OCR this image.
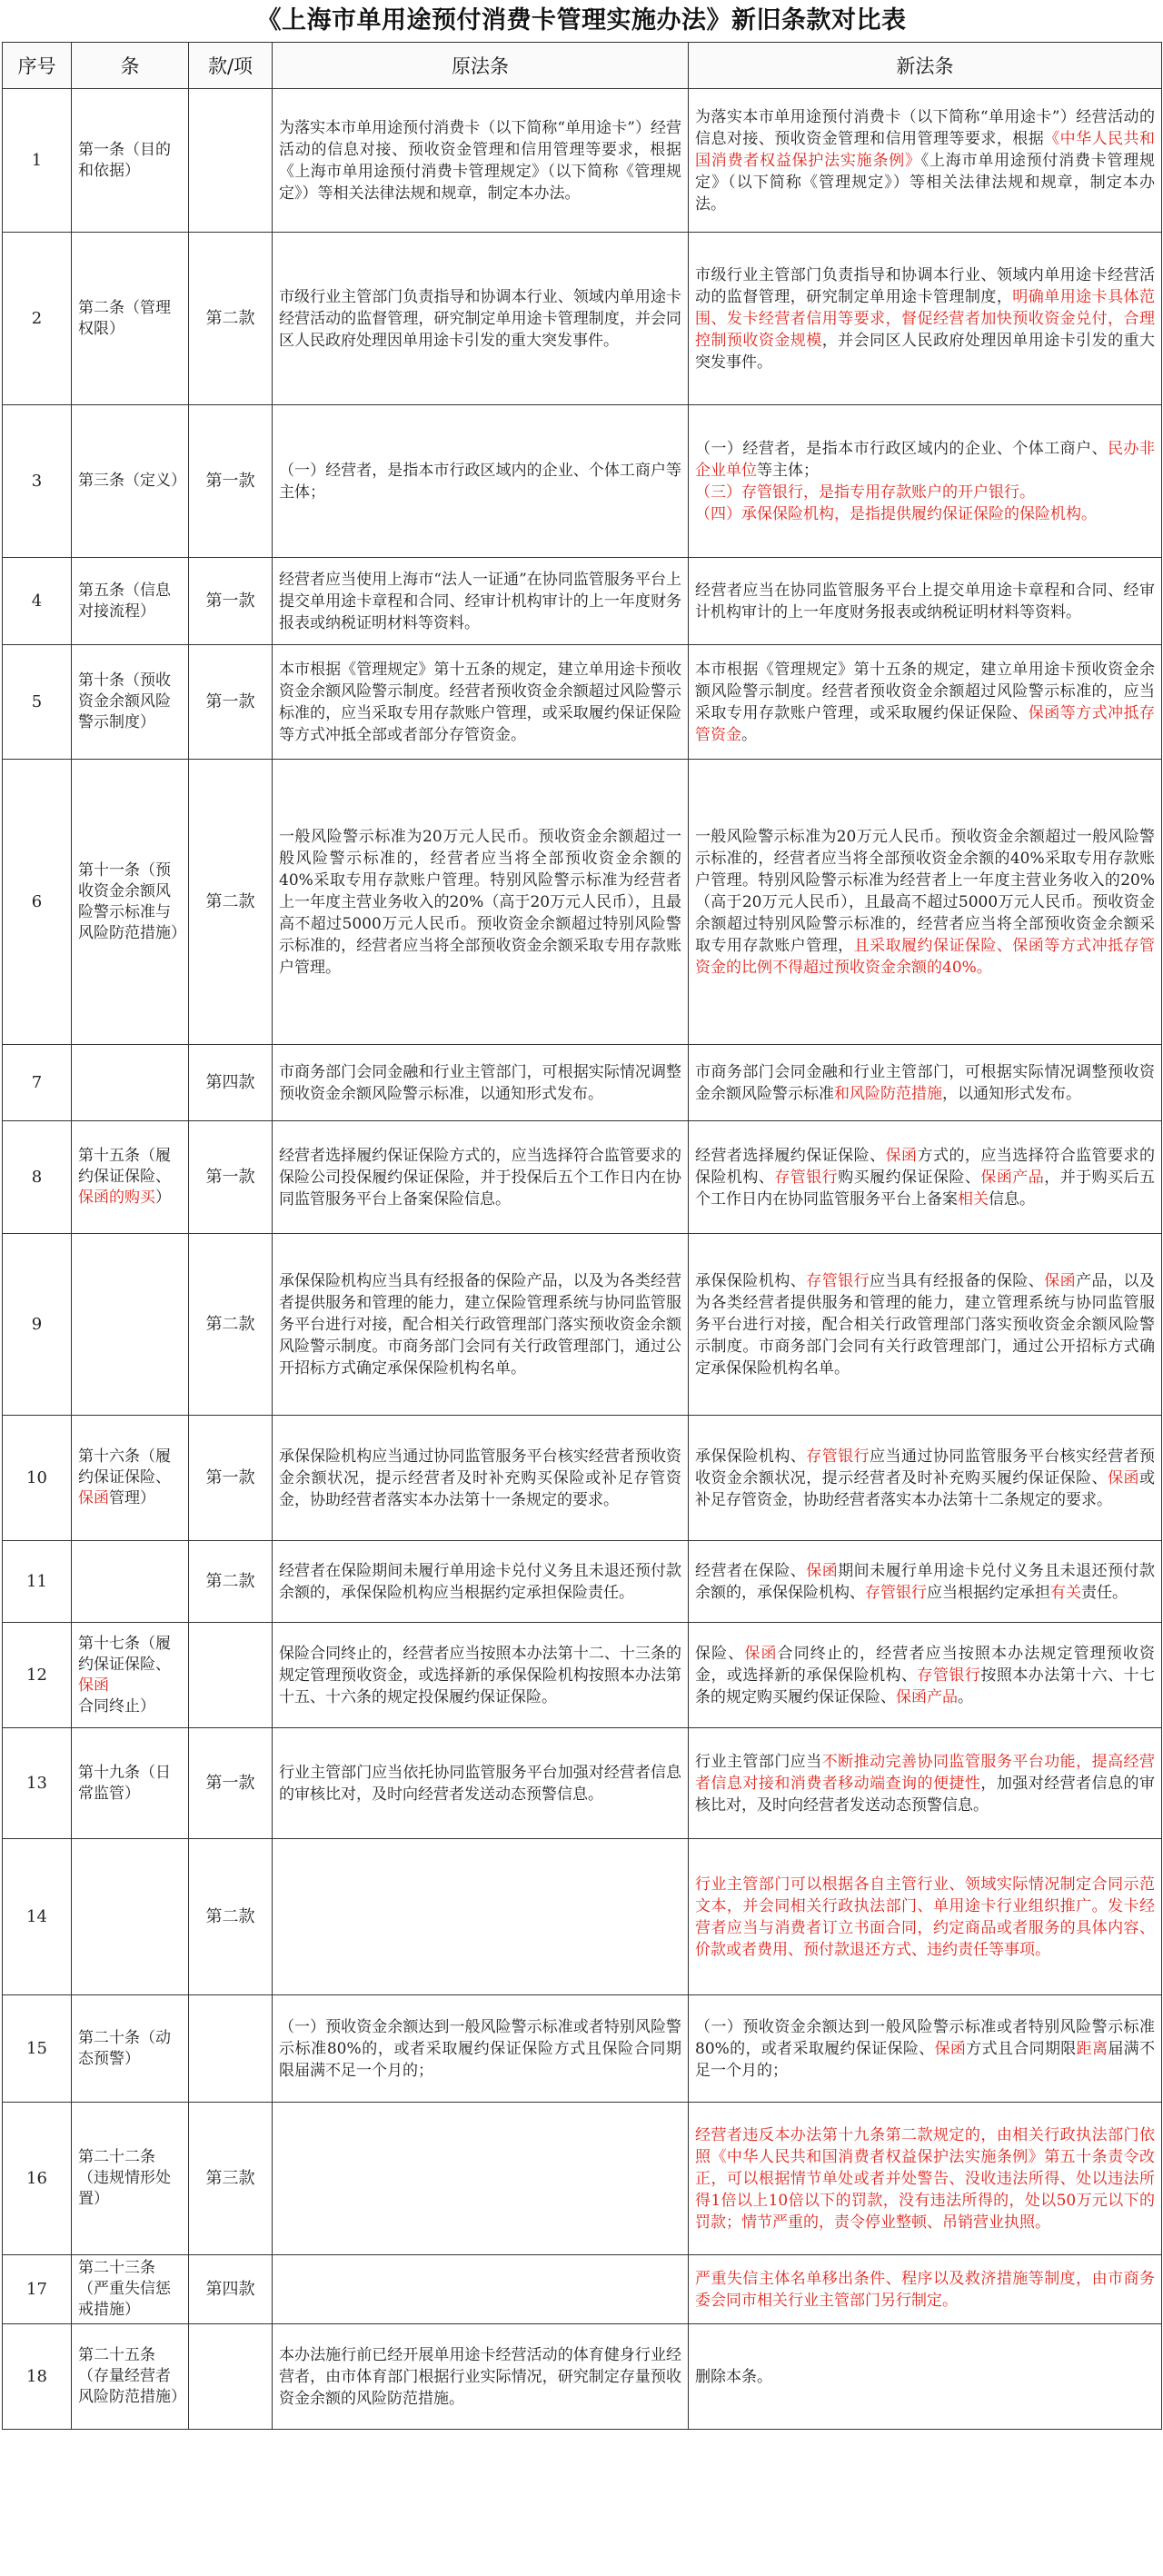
《上海市单用途预付消费卡管理实施办法》新旧条款对比表
序号	条	款/项	原法条	新法条
1	第一条（目的和依据）		为落实本市单用途预付消费卡（以下简称“单用途卡”）经营活动的信息对接、预收资金管理和信用管理等要求，根据《上海市单用途预付消费卡管理规定》（以下简称《管理规定》）等相关法律法规和规章，制定本办法。	为落实本市单用途预付消费卡（以下简称“单用途卡”）经营活动的信息对接、预收资金管理和信用管理等要求，根据《中华人民共和国消费者权益保护法实施条例》《上海市单用途预付消费卡管理规定》（以下简称《管理规定》）等相关法律法规和规章，制定本办法。
2	第二条（管理权限）	第二款	市级行业主管部门负责指导和协调本行业、领域内单用途卡经营活动的监督管理，研究制定单用途卡管理制度，并会同区人民政府处理因单用途卡引发的重大突发事件。	市级行业主管部门负责指导和协调本行业、领域内单用途卡经营活动的监督管理，研究制定单用途卡管理制度，明确单用途卡具体范围、发卡经营者信用等要求，督促经营者加快预收资金兑付，合理控制预收资金规模，并会同区人民政府处理因单用途卡引发的重大突发事件。
3	第三条（定义）	第一款	（一）经营者，是指本市行政区域内的企业、个体工商户等主体；	（一）经营者，是指本市行政区域内的企业、个体工商户、民办非企业单位等主体；
（三）存管银行，是指专用存款账户的开户银行。
（四）承保保险机构，是指提供履约保证保险的保险机构。
4	第五条（信息对接流程）	第一款	经营者应当使用上海市“法人一证通”在协同监管服务平台上提交单用途卡章程和合同、经审计机构审计的上一年度财务报表或纳税证明材料等资料。	经营者应当在协同监管服务平台上提交单用途卡章程和合同、经审计机构审计的上一年度财务报表或纳税证明材料等资料。
5	第十条（预收资金余额风险警示制度）	第一款	本市根据《管理规定》第十五条的规定，建立单用途卡预收资金余额风险警示制度。经营者预收资金余额超过风险警示标准的，应当采取专用存款账户管理，或采取履约保证保险等方式冲抵全部或者部分存管资金。	本市根据《管理规定》第十五条的规定，建立单用途卡预收资金余额风险警示制度。经营者预收资金余额超过风险警示标准的，应当采取专用存款账户管理，或采取履约保证保险、保函等方式冲抵存管资金。
6	第十一条（预收资金余额风险警示标准与风险防范措施）	第二款	一般风险警示标准为20万元人民币。预收资金余额超过一般风险警示标准的，经营者应当将全部预收资金余额的40%采取专用存款账户管理。特别风险警示标准为经营者上一年度主营业务收入的20%（高于20万元人民币），且最高不超过5000万元人民币。预收资金余额超过特别风险警示标准的，经营者应当将全部预收资金余额采取专用存款账户管理。	一般风险警示标准为20万元人民币。预收资金余额超过一般风险警示标准的，经营者应当将全部预收资金余额的40%采取专用存款账户管理。特别风险警示标准为经营者上一年度主营业务收入的20%（高于20万元人民币），且最高不超过5000万元人民币。预收资金余额超过特别风险警示标准的，经营者应当将全部预收资金余额采取专用存款账户管理，且采取履约保证保险、保函等方式冲抵存管资金的比例不得超过预收资金余额的40%。
7		第四款	市商务部门会同金融和行业主管部门，可根据实际情况调整预收资金余额风险警示标准，以通知形式发布。	市商务部门会同金融和行业主管部门，可根据实际情况调整预收资金余额风险警示标准和风险防范措施，以通知形式发布。
8	第十五条（履约保证保险、保函的购买）	第一款	经营者选择履约保证保险方式的，应当选择符合监管要求的保险公司投保履约保证保险，并于投保后五个工作日内在协同监管服务平台上备案保险信息。	经营者选择履约保证保险、保函方式的，应当选择符合监管要求的保险机构、存管银行购买履约保证保险、保函产品，并于购买后五个工作日内在协同监管服务平台上备案相关信息。
9		第二款	承保保险机构应当具有经报备的保险产品，以及为各类经营者提供服务和管理的能力，建立保险管理系统与协同监管服务平台进行对接，配合相关行政管理部门落实预收资金余额风险警示制度。市商务部门会同有关行政管理部门，通过公开招标方式确定承保保险机构名单。	承保保险机构、存管银行应当具有经报备的保险、保函产品，以及为各类经营者提供服务和管理的能力，建立管理系统与协同监管服务平台进行对接，配合相关行政管理部门落实预收资金余额风险警示制度。市商务部门会同有关行政管理部门，通过公开招标方式确定承保保险机构名单。
10	第十六条（履约保证保险、保函管理）	第一款	承保保险机构应当通过协同监管服务平台核实经营者预收资金余额状况，提示经营者及时补充购买保险或补足存管资金，协助经营者落实本办法第十一条规定的要求。	承保保险机构、存管银行应当通过协同监管服务平台核实经营者预收资金余额状况，提示经营者及时补充购买履约保证保险、保函或补足存管资金，协助经营者落实本办法第十二条规定的要求。
11		第二款	经营者在保险期间未履行单用途卡兑付义务且未退还预付款余额的，承保保险机构应当根据约定承担保险责任。	经营者在保险、保函期间未履行单用途卡兑付义务且未退还预付款余额的，承保保险机构、存管银行应当根据约定承担有关责任。
12	第十七条（履约保证保险、保函合同终止）		保险合同终止的，经营者应当按照本办法第十二、十三条的规定管理预收资金，或选择新的承保保险机构按照本办法第十五、十六条的规定投保履约保证保险。	保险、保函合同终止的，经营者应当按照本办法规定管理预收资金，或选择新的承保保险机构、存管银行按照本办法第十六、十七条的规定购买履约保证保险、保函产品。
13	第十九条（日常监管）	第一款	行业主管部门应当依托协同监管服务平台加强对经营者信息的审核比对，及时向经营者发送动态预警信息。	行业主管部门应当不断推动完善协同监管服务平台功能，提高经营者信息对接和消费者移动端查询的便捷性，加强对经营者信息的审核比对，及时向经营者发送动态预警信息。
14		第二款		行业主管部门可以根据各自主管行业、领域实际情况制定合同示范文本，并会同相关行政执法部门、单用途卡行业组织推广。发卡经营者应当与消费者订立书面合同，约定商品或者服务的具体内容、价款或者费用、预付款退还方式、违约责任等事项。
15	第二十条（动态预警）		（一）预收资金余额达到一般风险警示标准或者特别风险警示标准80%的，或者采取履约保证保险方式且保险合同期限届满不足一个月的；	（一）预收资金余额达到一般风险警示标准或者特别风险警示标准80%的，或者采取履约保证保险、保函方式且合同期限距离届满不足一个月的；
16	第二十二条（违规情形处置）	第三款		经营者违反本办法第十九条第二款规定的，由相关行政执法部门依照《中华人民共和国消费者权益保护法实施条例》第五十条责令改正，可以根据情节单处或者并处警告、没收违法所得、处以违法所得1倍以上10倍以下的罚款，没有违法所得的，处以50万元以下的罚款；情节严重的，责令停业整顿、吊销营业执照。
17	第二十三条（严重失信惩戒措施）	第四款		严重失信主体名单移出条件、程序以及救济措施等制度，由市商务委会同市相关行业主管部门另行制定。
18	第二十五条（存量经营者风险防范措施）		本办法施行前已经开展单用途卡经营活动的体育健身行业经营者，由市体育部门根据行业实际情况，研究制定存量预收资金余额的风险防范措施。	删除本条。
